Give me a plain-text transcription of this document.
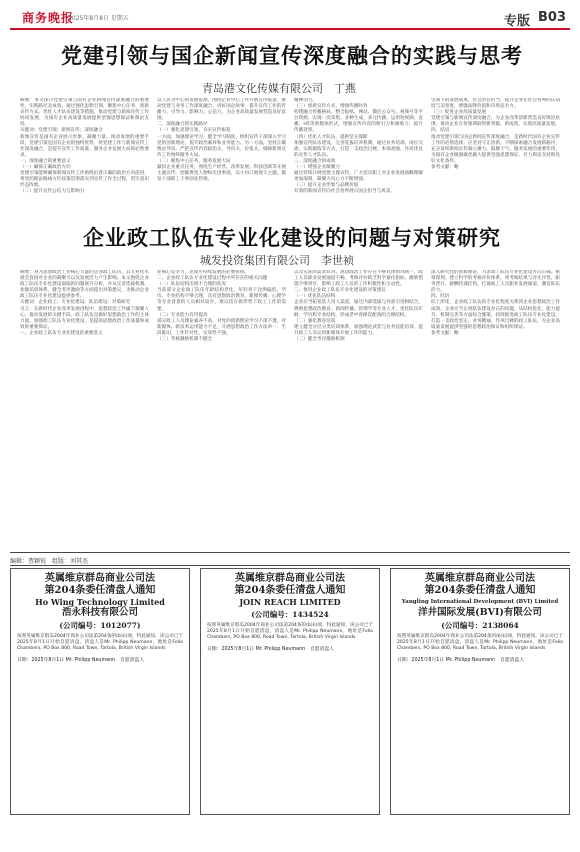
商务晚报
2025年8月8日 星期五	专版 B03
党建引领与国企新闻宣传深度融合的实践与思考
青岛港文化传媒有限公司　丁燕
摘要：本文探讨党建引领与国有企业新闻宣传深度融合的重要性、实践路径及成效。通过强化思想引领、聚焦中心任务、创新宣传方式、优化人才队伍建设等措施，推动党建与新闻宣传工作协同发展，为国有企业高质量发展提供坚强思想保证和舆论支持。
关键词：党建引领；新闻宣传；深度融合
新闻宣传是国有企业展示形象、凝聚力量、推动发展的重要手段。党建引领是国有企业的独特优势，将党建工作与新闻宣传工作深度融合，是提升宣传工作质量、服务企业发展大局的必然要求。
一、深度融合的重要意义
（一）确保正确政治方向
党建引领能够确保新闻宣传工作始终沿着正确的政治方向前进，将党的理论路线方针政策贯彻落实到宣传工作全过程，筑牢意识形态阵地。
（二）提升宣传公信力与影响力
以人民为中心的发展思想，围绕企业中心工作开展宣传报道，推动党建与业务工作深度融合，讲好国企故事，提升宣传工作的传播力、引导力、影响力、公信力，为企业高质量发展营造良好氛围。
二、深度融合的实践路径
（一）强化思想引领，夯实宣传根基
一方面，加强理论学习，健全学习制度，组织宣传干部深入学习党的创新理论，提升政治素养和业务能力。另一方面，坚持正确舆论导向，严把宣传内容政治关、导向关、价值关，确保新闻宣传工作始终服务大局。
（二）聚焦中心任务，服务发展大局
紧扣企业重点任务，围绕生产经营、改革发展、科技创新等开展主题宣传，挖掘典型人物和先进事迹，以小切口展现大主题，激发干部职工干事创业热情。
精神动力。
（三）创新宣传方式，增强传播时效
构建融合传播格局，整合报纸、网站、微信公众号、视频号等平台资源，实现一次采集、多种生成、多元传播。运用短视频、直播、H5等新媒体形式，增强宣传内容的吸引力和感染力，提升传播效果。
（四）优化人才队伍，提供坚实保障
加强宣传队伍建设，完善选拔培养机制，通过业务培训、岗位交流、实践锻炼等方式，打造一支政治过硬、本领高强、作风优良的宣传人才队伍。
三、深度融合的成效
（一）增强企业凝聚力
通过持续开展党建主题宣传，广大党员职工对企业发展战略理解更加深刻，凝聚力向心力不断增强。
（二）提升企业形象与品牌价值
有效的新闻宣传向社会各界展示国企担当与风采，
引领下的发展成果，社会责任担当，提升企业在社会各界的认知度与美誉度，增强品牌价值和市场竞争力。
（三）促进企业高质量发展
党建引领与新闻宣传深度融合，为企业改革创新营造良好舆论氛围，推动企业在各领域取得新突破、新成效，实现高质量发展。
四、结语
推动党建引领与国企新闻宣传深度融合，是新时代国有企业宣传工作的必然选择。应坚持守正创新，不断探索融合发展新路径，充分发挥新闻宣传凝心聚力、鼓舞士气、服务发展的重要作用，为国有企业做强做优做大提供坚强思想保证、有力舆论支持和良好文化条件。
参考文献：略
企业政工队伍专业化建设的问题与对策研究
城发投资集团有限公司　李世祯
摘要：身为思想政治工作核心力量的企业政工队伍，其专业化水准会直接对企业的凝聚力以及发展活力产生影响。本文围绕企业政工队伍专业化建设面临的问题展开分析，并从完善选拔机制、加强培训体系、健全考评激励等方面提出对策建议，为推动企业政工队伍专业化建设提供参考。
关键词：企业政工；专业化建设；队伍建设；对策研究
引言：在新时代企业改革发展进程中，思想政治工作属于凝聚人心、推动发展的关键手段，政工队伍是做好思想政治工作的主体力量。加强政工队伍专业化建设，是提高思想政治工作质量和成效的重要保证。
一、企业政工队伍专业化建设的重要意义
业核心竞争力，达成可持续发展的必要抉择。
二、企业政工队伍专业化建设过程中所存在的相关问题
（一）队伍结构出现不合理的状况
当前部分企业政工队伍年龄结构老化，年轻骨干比例偏低，学历、专业结构不够合理，具有思想政治教育、新闻传播、心理学等专业背景的人员相对较少，难以适应新形势下政工工作的需要。
（二）专业能力有待提高
部分政工人员理论素养不高，对党的创新理论学习不深不透，对新媒体、新技术运用能力不足，开展思想政治工作方法单一、手段陈旧，工作针对性、实效性不强。
（三）考核激励机制不健全
以及实际的需求状况，思想政治工作存在不够具体情况统一，政工人员职业发展通道不畅，考核评价缺乏科学量化指标，激励措施不够到位，影响了政工人员的工作积极性和主动性。
三、推进企业政工队伍专业化建设的对策建议
（一）优化队伍结构
企业应当拓宽选人用人渠道，通过内部选拔与外部引进相结合，吸纳思想政治教育、新闻传播、管理学等专业人才，优化队伍年龄、学历和专业结构，形成老中青梯次配备的合理结构。
（二）强化教育培训
建立健全分层分类培训体系，加强理论武装与业务技能培训，提升政工人员运用新媒体开展工作的能力。
（三）健全考评激励机制
深入研究党的创新理论，力求政工队伍专业化建设方向正确。统筹谋划，建立科学的考核评价体系，将考核结果与评先评优、职务晋升、薪酬待遇挂钩，打通政工人员职业发展通道，激发队伍活力。
四、结语
综上所述，企业政工队伍的专业化程度关系到企业思想政治工作成效。企业应当正视队伍建设存在的问题，从结构优化、能力提升、机制完善等方面综合施策，持续推进政工队伍专业化建设，打造一支政治坚定、业务精通、作风过硬的政工队伍，为企业高质量发展提供坚强的思想政治保证和组织保证。
参考文献：略
编辑：曹颖锐　组版：刘其杰
英属维京群岛商业公司法
第204条委任清盘人通知
Ho Wing Technology Limited
浩永科技有限公司
(公司编号：1012077)
按照英属维京群岛2004年商业公司法第204条的(b)(i)项，特此通知，该公司已于2025年8月1日开始自愿清盘，清盘人是Mr. Philipp Neumann，地址是Folio Chambers, PO Box 800, Road Town, Tortola, British Virgin Islands
日期：2025年8月1日 Mr. Philipp Neumann　自愿清盘人
英属维京群岛商业公司法
第204条委任清盘人通知
JOIN REACH LIMITED
(公司编号：1434524
按照英属维京群岛2004年商业公司法第204条的(b)(i)项，特此通知，该公司已于2025年8月1日开始自愿清盘，清盘人是Mr. Philipp Neumann，地址是Folio Chambers, PO Box 800, Road Town, Tortola, British Virgin Islands
日期：2025年8月1日 Mr. Philipp Neumann　自愿清盘人
英属维京群岛商业公司法
第204条委任清盘人通知
Yangling International Development (BVI) Limited
洋井国际发展(BVI)有限公司
(公司编号：2138064
按照英属维京群岛2004年商业公司法第204条的(b)(i)项，特此通知，该公司已于2025年8月1日开始自愿清盘，清盘人是Mr. Philipp Neumann，地址是Folio Chambers, PO Box 800, Road Town, Tortola, British Virgin Islands
日期：2025年8月1日 Mr. Philipp Neumann　自愿清盘人
